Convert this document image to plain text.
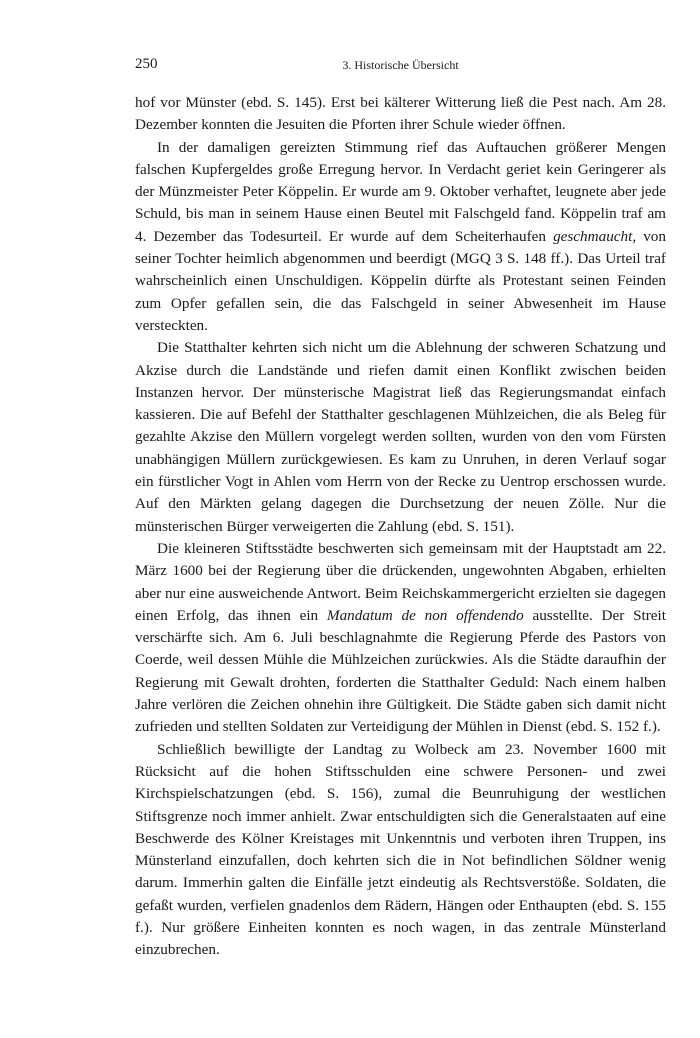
250	3. Historische Übersicht

hof vor Münster (ebd. S. 145). Erst bei kälterer Witterung ließ die Pest nach. Am 28. Dezember konnten die Jesuiten die Pforten ihrer Schule wieder öffnen.

In der damaligen gereizten Stimmung rief das Auftauchen größerer Mengen falschen Kupfergeldes große Erregung hervor. In Verdacht geriet kein Geringerer als der Münzmeister Peter Köppelin. Er wurde am 9. Oktober verhaftet, leugnete aber jede Schuld, bis man in seinem Hause einen Beutel mit Falschgeld fand. Köppelin traf am 4. Dezember das Todesurteil. Er wurde auf dem Scheiterhaufen geschmaucht, von seiner Tochter heimlich abgenommen und beerdigt (MGQ 3 S. 148 ff.). Das Urteil traf wahrscheinlich einen Unschuldigen. Köppelin dürfte als Protestant seinen Feinden zum Opfer gefallen sein, die das Falschgeld in seiner Abwesenheit im Hause versteckten.

Die Statthalter kehrten sich nicht um die Ablehnung der schweren Schatzung und Akzise durch die Landstände und riefen damit einen Konflikt zwischen beiden Instanzen hervor. Der münsterische Magistrat ließ das Regierungsmandat einfach kassieren. Die auf Befehl der Statthalter geschlagenen Mühlzeichen, die als Beleg für gezahlte Akzise den Müllern vorgelegt werden sollten, wurden von den vom Fürsten unabhängigen Müllern zurückgewiesen. Es kam zu Unruhen, in deren Verlauf sogar ein fürstlicher Vogt in Ahlen vom Herrn von der Recke zu Uentrop erschossen wurde. Auf den Märkten gelang dagegen die Durchsetzung der neuen Zölle. Nur die münsterischen Bürger verweigerten die Zahlung (ebd. S. 151).

Die kleineren Stiftsstädte beschwerten sich gemeinsam mit der Hauptstadt am 22. März 1600 bei der Regierung über die drückenden, ungewohnten Abgaben, erhielten aber nur eine ausweichende Antwort. Beim Reichskammergericht erzielten sie dagegen einen Erfolg, das ihnen ein Mandatum de non offendendo ausstellte. Der Streit verschärfte sich. Am 6. Juli beschlagnahmte die Regierung Pferde des Pastors von Coerde, weil dessen Mühle die Mühlzeichen zurückwies. Als die Städte daraufhin der Regierung mit Gewalt drohten, forderten die Statthalter Geduld: Nach einem halben Jahre verlören die Zeichen ohnehin ihre Gültigkeit. Die Städte gaben sich damit nicht zufrieden und stellten Soldaten zur Verteidigung der Mühlen in Dienst (ebd. S. 152 f.).

Schließlich bewilligte der Landtag zu Wolbeck am 23. November 1600 mit Rücksicht auf die hohen Stiftsschulden eine schwere Personen- und zwei Kirchspielschatzungen (ebd. S. 156), zumal die Beunruhigung der westlichen Stiftsgrenze noch immer anhielt. Zwar entschuldigten sich die Generalstaaten auf eine Beschwerde des Kölner Kreistages mit Unkenntnis und verboten ihren Truppen, ins Münsterland einzufallen, doch kehrten sich die in Not befindlichen Söldner wenig darum. Immerhin galten die Einfälle jetzt eindeutig als Rechtsverstöße. Soldaten, die gefaßt wurden, verfielen gnadenlos dem Rädern, Hängen oder Enthaupten (ebd. S. 155 f.). Nur größere Einheiten konnten es noch wagen, in das zentrale Münsterland einzubrechen.
